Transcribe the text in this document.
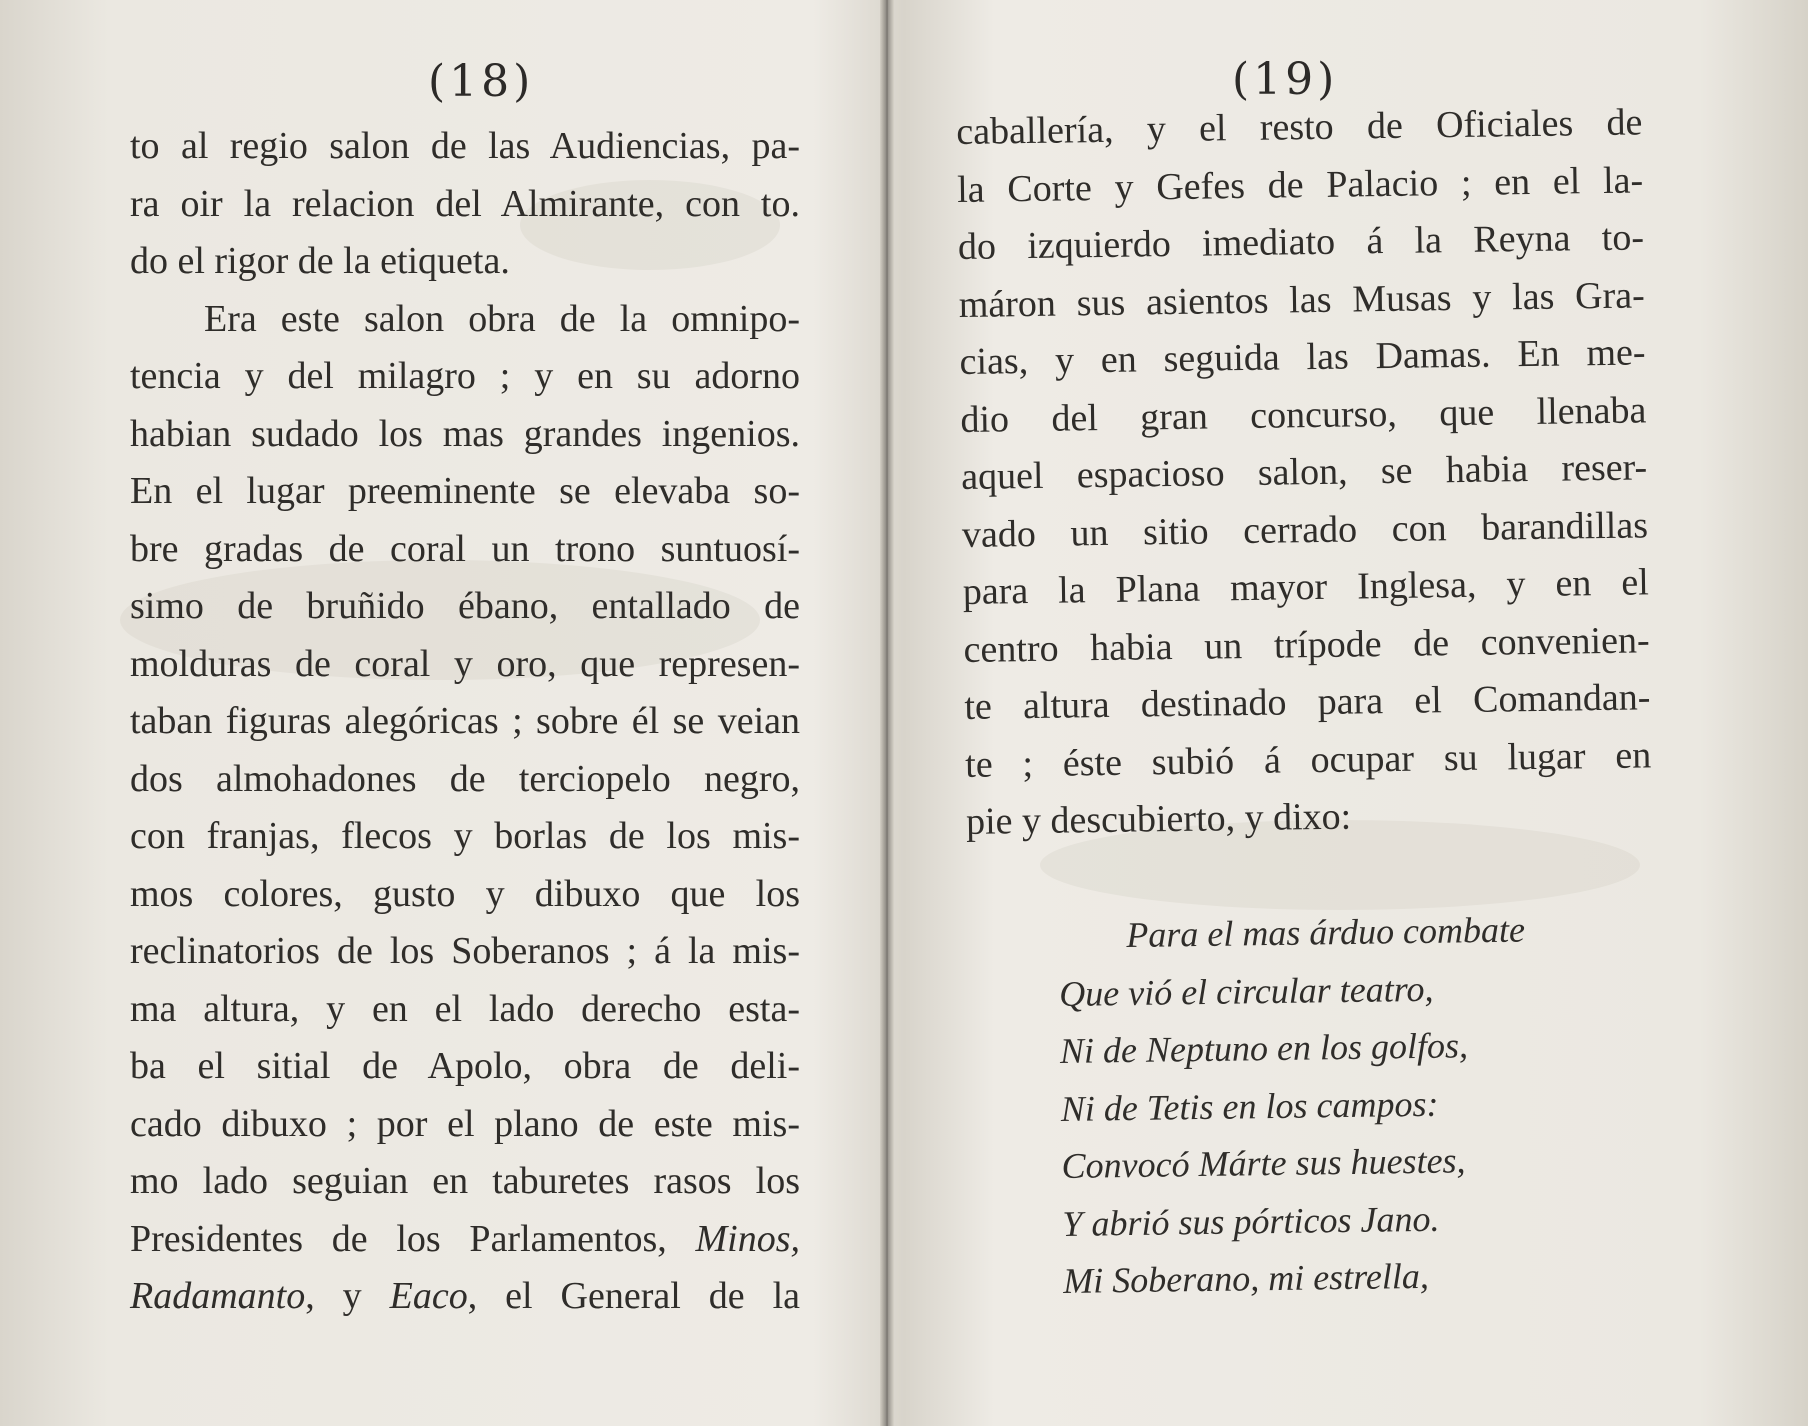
(18)
to al regio salon de las Audiencias, pa-
ra oir la relacion del Almirante, con to.
do el rigor de la etiqueta.
Era este salon obra de la omnipo-
tencia y del milagro ; y en su adorno
habian sudado los mas grandes ingenios.
En el lugar preeminente se elevaba so-
bre gradas de coral un trono suntuosí-
simo de bruñido ébano, entallado de
molduras de coral y oro, que represen-
taban figuras alegóricas ; sobre él se veian
dos almohadones de terciopelo negro,
con franjas, flecos y borlas de los mis-
mos colores, gusto y dibuxo que los
reclinatorios de los Soberanos ; á la mis-
ma altura, y en el lado derecho esta-
ba el sitial de Apolo, obra de deli-
cado dibuxo ; por el plano de este mis-
mo lado seguian en taburetes rasos los
Presidentes de los Parlamentos, Minos,
Radamanto, y Eaco, el General de la
(19)
caballería, y el resto de Oficiales de
la Corte y Gefes de Palacio ; en el la-
do izquierdo imediato á la Reyna to-
máron sus asientos las Musas y las Gra-
cias, y en seguida las Damas. En me-
dio del gran concurso, que llenaba
aquel espacioso salon, se habia reser-
vado un sitio cerrado con barandillas
para la Plana mayor Inglesa, y en el
centro habia un trípode de convenien-
te altura destinado para el Comandan-
te ; éste subió á ocupar su lugar en
pie y descubierto, y dixo:
Para el mas árduo combate
Que vió el circular teatro,
Ni de Neptuno en los golfos,
Ni de Tetis en los campos:
Convocó Márte sus huestes,
Y abrió sus pórticos Jano.
Mi Soberano, mi estrella,
